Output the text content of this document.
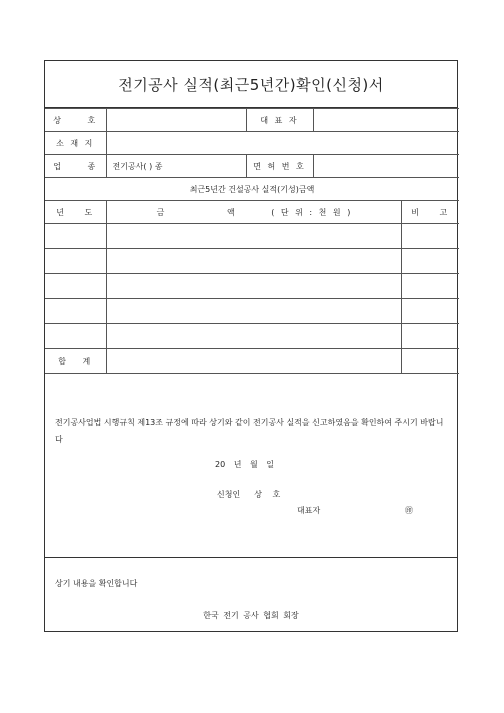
전기공사 실적(최근5년간)확인(신청)서
상 호		대 표 자		
소 재 지				
업 종	전기공사( ) 종	면 허 번 호		
최근5년간 건설공사 실적(기성)금액				
년 도	금 액 ( 단 위 : 천 원 )			비 고

합 계				
전기공사업법 시행규칙 제13조 규정에 따라 상기와 같이 전기공사 실적을 신고하였음을 확인하여 주시기 바랍니다
20 년 월 일
신청인 상 호
대표자	㊞
상기 내용을 확인합니다
한국 전기 공사 협회 회장
